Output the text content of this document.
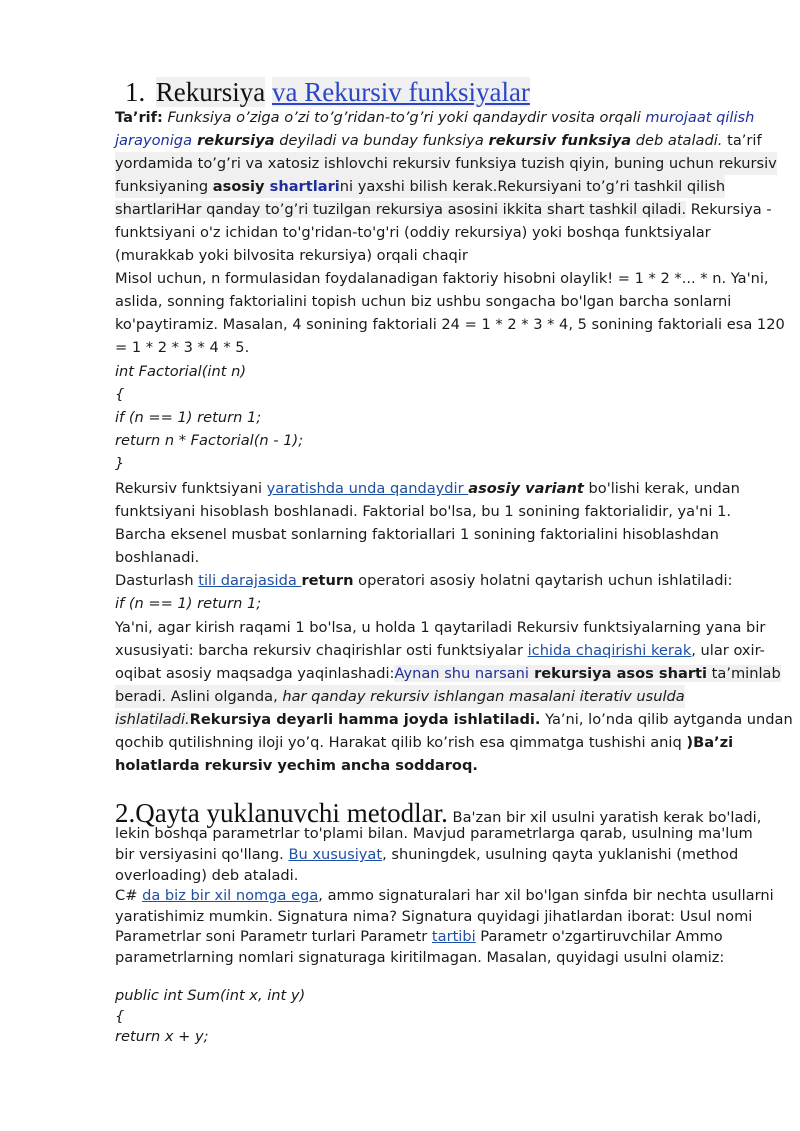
1. Rekursiya va Rekursiv funksiyalar
Ta’rif: Funksiya o’ziga o’zi to’g’ridan-to’g’ri yoki qandaydir vosita orqali murojaat qilish
jarayoniga rekursiya deyiladi va bunday funksiya rekursiv funksiya deb ataladi. ta’rif
yordamida to’g’ri va xatosiz ishlovchi rekursiv funksiya tuzish qiyin, buning uchun rekursiv
funksiyaning asosiy shartlarini yaxshi bilish kerak.Rekursiyani to’g’ri tashkil qilish
shartlariHar qanday to’g’ri tuzilgan rekursiya asosini ikkita shart tashkil qiladi. Rekursiya -
funktsiyani o'z ichidan to'g'ridan-to'g'ri (oddiy rekursiya) yoki boshqa funktsiyalar
(murakkab yoki bilvosita rekursiya) orqali chaqir
Misol uchun, n formulasidan foydalanadigan faktoriy hisobni olaylik! = 1 * 2 *... * n. Ya'ni,
aslida, sonning faktorialini topish uchun biz ushbu songacha bo'lgan barcha sonlarni
ko'paytiramiz. Masalan, 4 sonining faktoriali 24 = 1 * 2 * 3 * 4, 5 sonining faktoriali esa 120
= 1 * 2 * 3 * 4 * 5.
int Factorial(int n)
{
if (n == 1) return 1;
return n * Factorial(n - 1);
}
Rekursiv funktsiyani yaratishda unda qandaydir asosiy variant bo'lishi kerak, undan
funktsiyani hisoblash boshlanadi. Faktorial bo'lsa, bu 1 sonining faktorialidir, ya'ni 1.
Barcha eksenel musbat sonlarning faktoriallari 1 sonining faktorialini hisoblashdan
boshlanadi.
Dasturlash tili darajasida return operatori asosiy holatni qaytarish uchun ishlatiladi:
if (n == 1) return 1;
Ya'ni, agar kirish raqami 1 bo'lsa, u holda 1 qaytariladi Rekursiv funktsiyalarning yana bir
xususiyati: barcha rekursiv chaqirishlar osti funktsiyalar ichida chaqirishi kerak, ular oxir-
oqibat asosiy maqsadga yaqinlashadi:Aynan shu narsani rekursiya asos sharti ta’minlab
beradi. Aslini olganda, har qanday rekursiv ishlangan masalani iterativ usulda
ishlatiladi.Rekursiya deyarli hamma joyda ishlatiladi. Ya’ni, lo’nda qilib aytganda undan
qochib qutilishning iloji yo’q. Harakat qilib ko’rish esa qimmatga tushishi aniq )Ba’zi
holatlarda rekursiv yechim ancha soddaroq.
2.Qayta yuklanuvchi metodlar. Ba'zan bir xil usulni yaratish kerak bo'ladi,
lekin boshqa parametrlar to'plami bilan. Mavjud parametrlarga qarab, usulning ma'lum
bir versiyasini qo'llang. Bu xususiyat, shuningdek, usulning qayta yuklanishi (method
overloading) deb ataladi.
C# da biz bir xil nomga ega, ammo signaturalari har xil bo'lgan sinfda bir nechta usullarni
yaratishimiz mumkin. Signatura nima? Signatura quyidagi jihatlardan iborat: Usul nomi
Parametrlar soni Parametr turlari Parametr tartibi Parametr o'zgartiruvchilar Ammo
parametrlarning nomlari signaturaga kiritilmagan. Masalan, quyidagi usulni olamiz:
public int Sum(int x, int y)
{
return x + y;
